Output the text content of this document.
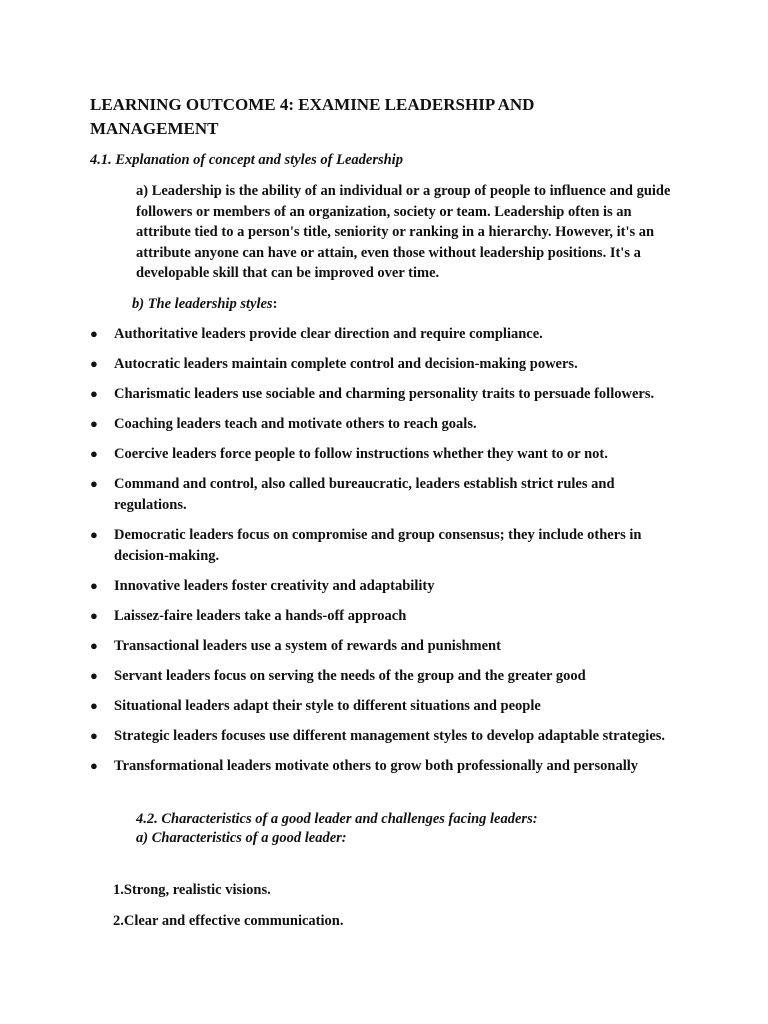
LEARNING OUTCOME 4: EXAMINE LEADERSHIP AND MANAGEMENT

4.1. Explanation of concept and styles of Leadership

a) Leadership is the ability of an individual or a group of people to influence and guide followers or members of an organization, society or team. Leadership often is an attribute tied to a person's title, seniority or ranking in a hierarchy. However, it's an attribute anyone can have or attain, even those without leadership positions. It's a developable skill that can be improved over time.

b) The leadership styles:

● Authoritative leaders provide clear direction and require compliance.
● Autocratic leaders maintain complete control and decision-making powers.
● Charismatic leaders use sociable and charming personality traits to persuade followers.
● Coaching leaders teach and motivate others to reach goals.
● Coercive leaders force people to follow instructions whether they want to or not.
● Command and control, also called bureaucratic, leaders establish strict rules and regulations.
● Democratic leaders focus on compromise and group consensus; they include others in decision-making.
● Innovative leaders foster creativity and adaptability
● Laissez-faire leaders take a hands-off approach
● Transactional leaders use a system of rewards and punishment
● Servant leaders focus on serving the needs of the group and the greater good
● Situational leaders adapt their style to different situations and people
● Strategic leaders focuses use different management styles to develop adaptable strategies.
● Transformational leaders motivate others to grow both professionally and personally
4.2. Characteristics of a good leader and challenges facing leaders:
a) Characteristics of a good leader:

1.Strong, realistic visions.

2.Clear and effective communication.
